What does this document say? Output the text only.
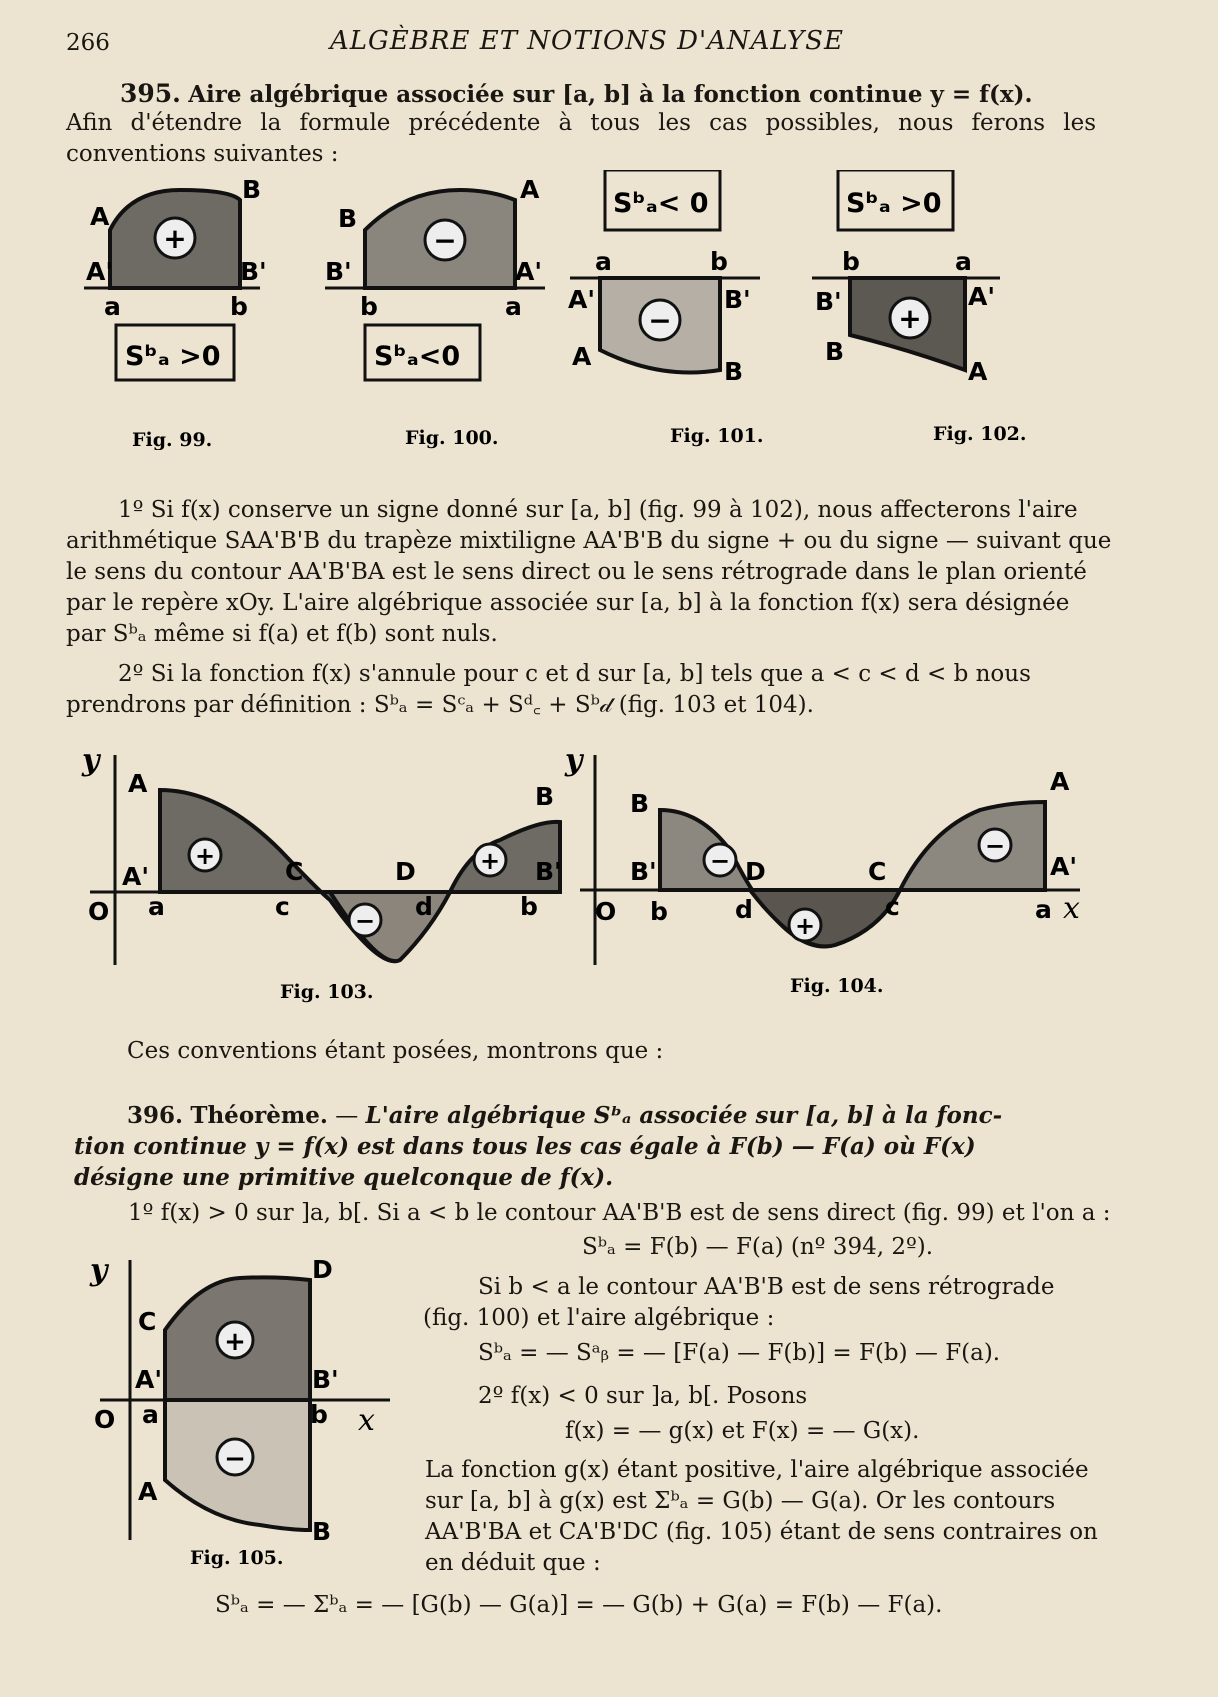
266	ALGÈBRE ET NOTIONS D'ANALYSE
395. Aire algébrique associée sur [a, b] à la fonction continue y = f(x).
Afin d'étendre la formule précédente à tous les cas possibles, nous ferons les conventions suivantes :
+
A
B
A'	B'
a	b
Sᵇₐ >0
−
A
B
A'
B'
a
b
Sᵇₐ<0
Sᵇₐ< 0
−
a	b
A'	B'
A
B
Sᵇₐ >0
+
b	a
B'	A'
B
A
Fig. 99.	Fig. 100.	Fig. 101.	Fig. 102.
1º Si f(x) conserve un signe donné sur [a, b] (fig. 99 à 102), nous affecterons l'aire
arithmétique SAA'B'B du trapèze mixtiligne AA'B'B du signe + ou du signe — suivant que
le sens du contour AA'B'BA est le sens direct ou le sens rétrograde dans le plan orienté
par le repère xOy. L'aire algébrique associée sur [a, b] à la fonction f(x) sera désignée
par Sᵇₐ même si f(a) et f(b) sont nuls.
2º Si la fonction f(x) s'annule pour c et d sur [a, b] tels que a < c < d < b nous
prendrons par définition : Sᵇₐ = Sᶜₐ + Sᵈ꜀ + Sᵇ𝒹 (fig. 103 et 104).
+
−
+
y
A
A'
O a
C
c
D
d
B
B'
b
Fig. 103.
−
+
−
y
B
B'
O b
D
d
C
c
A
A'
a x
Fig. 104.
Ces conventions étant posées, montrons que :
396. Théorème. — L'aire algébrique Sᵇₐ associée sur [a, b] à la fonc-
tion continue y = f(x) est dans tous les cas égale à F(b) — F(a) où F(x)
désigne une primitive quelconque de f(x).
1º f(x) > 0 sur ]a, b[. Si a < b le contour AA'B'B est de sens direct (fig. 99) et l'on a :
Sᵇₐ = F(b) — F(a) (nº 394, 2º).
Si b < a le contour AA'B'B est de sens rétrograde
(fig. 100) et l'aire algébrique :
Sᵇₐ = — Sᵃᵦ = — [F(a) — F(b)] = F(b) — F(a).
2º f(x) < 0 sur ]a, b[. Posons
f(x) = — g(x) et F(x) = — G(x).
La fonction g(x) étant positive, l'aire algébrique associée
sur [a, b] à g(x) est Σᵇₐ = G(b) — G(a). Or les contours
AA'B'BA et CA'B'DC (fig. 105) étant de sens contraires on
en déduit que :
Sᵇₐ = — Σᵇₐ = — [G(b) — G(a)] = — G(b) + G(a) = F(b) — F(a).
+
−
y
C
D
A'	B'
O a	b x
A
B
Fig. 105.
